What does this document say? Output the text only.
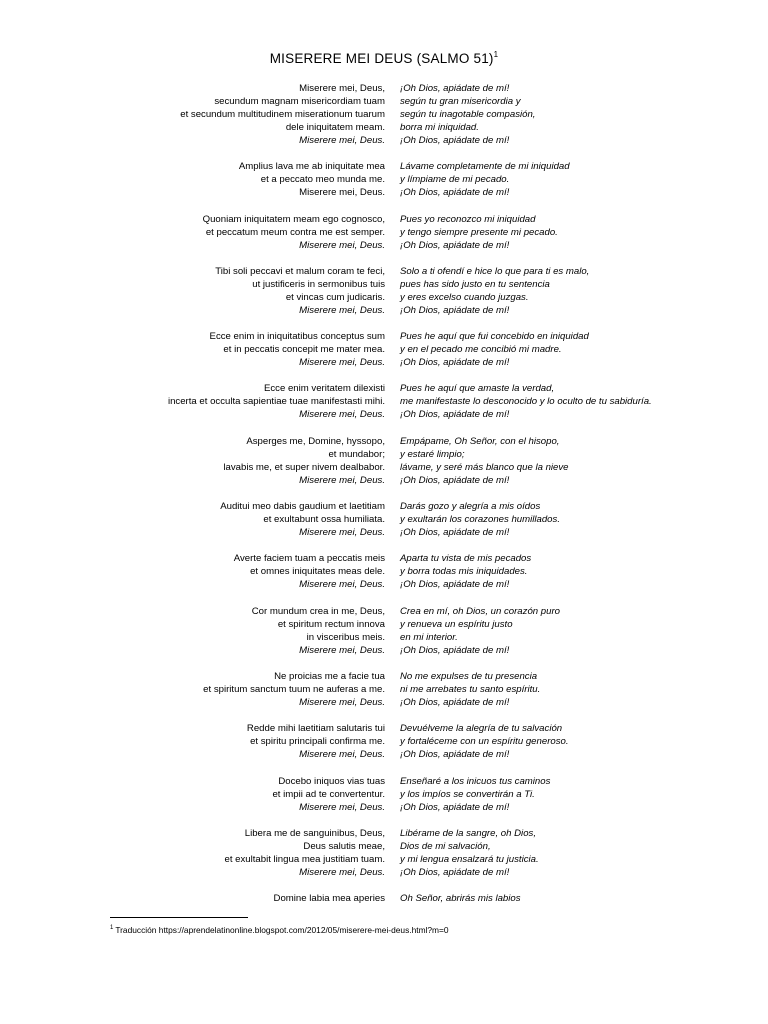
MISERERE MEI DEUS (SALMO 51)$^1$
Miserere mei, Deus,
secundum magnam misericordiam tuam
et secundum multitudinem miserationum tuarum
dele iniquitatem meam.
Miserere mei, Deus.
¡Oh Dios, apiádate de mí!
según tu gran misericordia y
según tu inagotable compasión,
borra mi iniquidad.
¡Oh Dios, apiádate de mí!
Amplius lava me ab iniquitate mea
et a peccato meo munda me.
Miserere mei, Deus.
Lávame completamente de mi iniquidad
y límpiame de mi pecado.
¡Oh Dios, apiádate de mí!
Quoniam iniquitatem meam ego cognosco,
et peccatum meum contra me est semper.
Miserere mei, Deus.
Pues yo reconozco mi iniquidad
y tengo siempre presente mi pecado.
¡Oh Dios, apiádate de mí!
Tibi soli peccavi et malum coram te feci,
ut justificeris in sermonibus tuis
et vincas cum judicaris.
Miserere mei, Deus.
Solo a ti ofendí e hice lo que para ti es malo,
pues has sido justo en tu sentencia
y eres excelso cuando juzgas.
¡Oh Dios, apiádate de mí!
Ecce enim in iniquitatibus conceptus sum
et in peccatis concepit me mater mea.
Miserere mei, Deus.
Pues he aquí que fui concebido en iniquidad
y en el pecado me concibió mi madre.
¡Oh Dios, apiádate de mí!
Ecce enim veritatem dilexisti
incerta et occulta sapientiae tuae manifestasti mihi.
Miserere mei, Deus.
Pues he aquí que amaste la verdad,
me manifestaste lo desconocido y lo oculto de tu sabiduría.
¡Oh Dios, apiádate de mí!
Asperges me, Domine, hyssopo,
et mundabor;
lavabis me, et super nivem dealbabor.
Miserere mei, Deus.
Empápame, Oh Señor, con el hisopo,
y estaré limpio;
lávame, y seré más blanco que la nieve
¡Oh Dios, apiádate de mí!
Auditui meo dabis gaudium et laetitiam
et exultabunt ossa humiliata.
Miserere mei, Deus.
Darás gozo y alegría a mis oídos
y exultarán los corazones humillados.
¡Oh Dios, apiádate de mí!
Averte faciem tuam a peccatis meis
et omnes iniquitates meas dele.
Miserere mei, Deus.
Aparta tu vista de mis pecados
y borra todas mis iniquidades.
¡Oh Dios, apiádate de mí!
Cor mundum crea in me, Deus,
et spiritum rectum innova
in visceribus meis.
Miserere mei, Deus.
Crea en mí, oh Dios, un corazón puro
y renueva un espíritu justo
en mi interior.
¡Oh Dios, apiádate de mí!
Ne proicias me a facie tua
et spiritum sanctum tuum ne auferas a me.
Miserere mei, Deus.
No me expulses de tu presencia
ni me arrebates tu santo espíritu.
¡Oh Dios, apiádate de mí!
Redde mihi laetitiam salutaris tui
et spiritu principali confirma me.
Miserere mei, Deus.
Devuélveme la alegría de tu salvación
y fortaléceme con un espíritu generoso.
¡Oh Dios, apiádate de mí!
Docebo iniquos vias tuas
et impii ad te convertentur.
Miserere mei, Deus.
Enseñaré a los inicuos tus caminos
y los impíos se convertirán a Ti.
¡Oh Dios, apiádate de mí!
Libera me de sanguinibus, Deus,
Deus salutis meae,
et exultabit lingua mea justitiam tuam.
Miserere mei, Deus.
Libérame de la sangre, oh Dios,
Dios de mi salvación,
y mi lengua ensalzará tu justicia.
¡Oh Dios, apiádate de mí!
Domine labia mea aperies Oh Señor, abrirás mis labios
$^1$ Traducción https://aprendelatinonline.blogspot.com/2012/05/miserere-mei-deus.html?m=0
